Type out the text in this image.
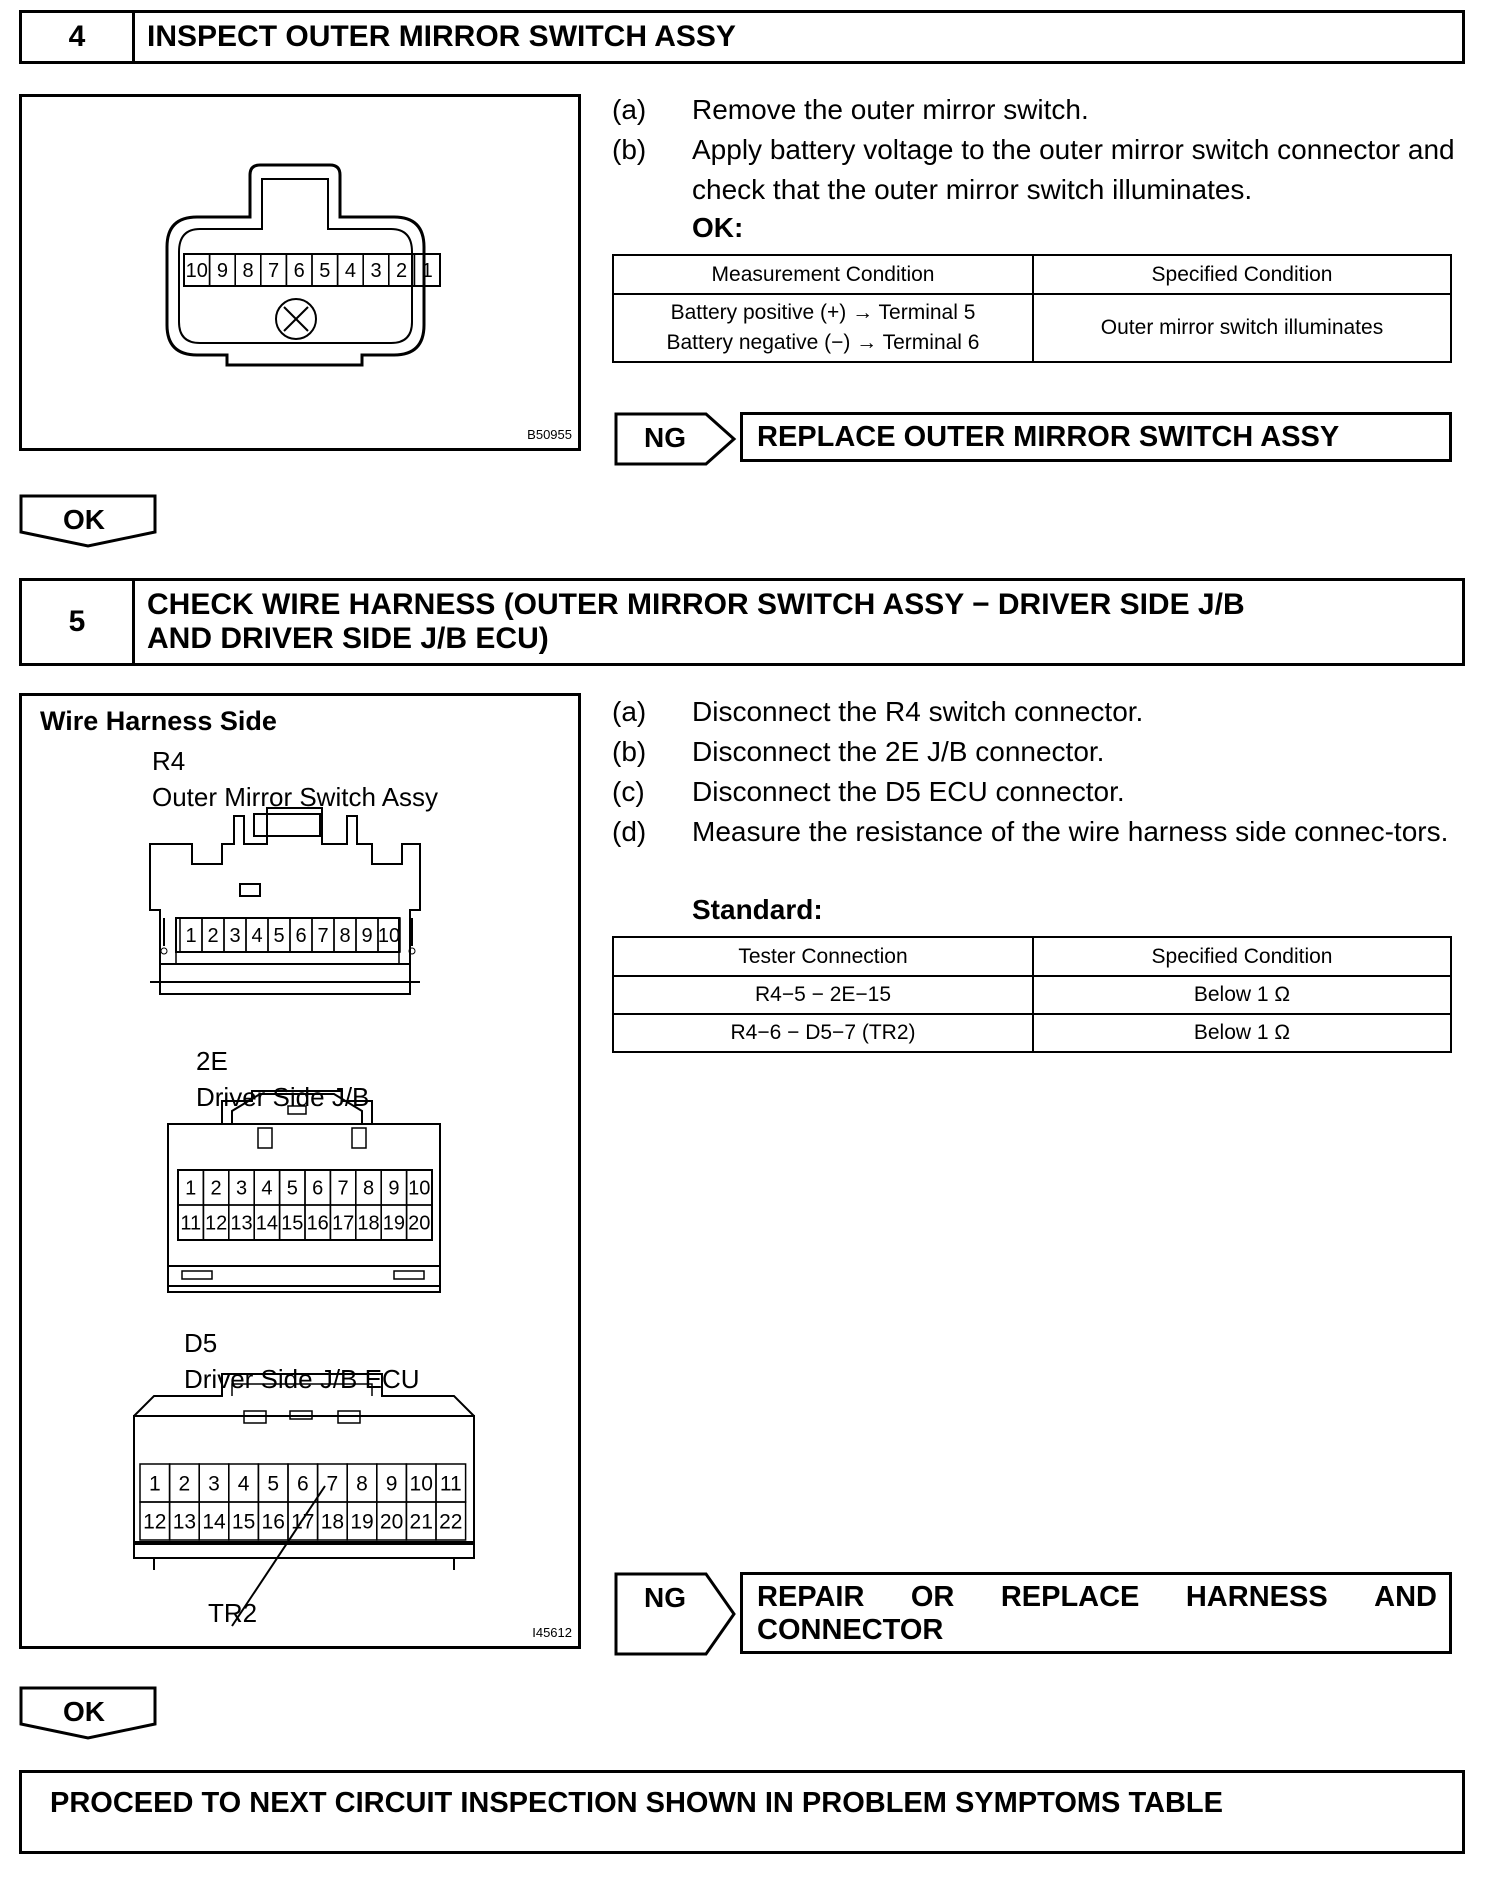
4	INSPECT OUTER MIRROR SWITCH ASSY
10 9 8 7 6 5 4 3 2 1
B50955
(a)	Remove the outer mirror switch.
(b)	Apply battery voltage to the outer mirror switch connector and check that the outer mirror switch illuminates.
OK:
Measurement Condition	Specified Condition

Battery positive (+) → Terminal 5
Battery negative (−) → Terminal 6	Outer mirror switch illuminates
NG	REPLACE OUTER MIRROR SWITCH ASSY
OK
5
CHECK WIRE HARNESS (OUTER MIRROR SWITCH ASSY − DRIVER SIDE J/B
AND DRIVER SIDE J/B ECU)
Wire Harness Side
R4
Outer Mirror Switch Assy
1 2 3 4 5 6 7 8 9 10
1 2 3 4 5 6 7 8 9 10
11 12 13 14 15 16 17 18 19 20
1 2 3 4 5 6 7 8 9 10 11
12 13 14 15 16 17 18 19 20 21 22
2E
Driver Side J/B
D5
Driver Side J/B ECU
TR2
I45612
(a)	Disconnect the R4 switch connector.
(b)	Disconnect the 2E J/B connector.
(c)	Disconnect the D5 ECU connector.
(d)	Measure the resistance of the wire harness side connec-tors.
Standard:
Tester Connection	Specified Condition
R4−5 − 2E−15	Below 1 Ω
R4−6 − D5−7 (TR2)	Below 1 Ω
NG REPAIR OR REPLACE HARNESS AND
CONNECTOR
OK
PROCEED TO NEXT CIRCUIT INSPECTION SHOWN IN PROBLEM SYMPTOMS TABLE
